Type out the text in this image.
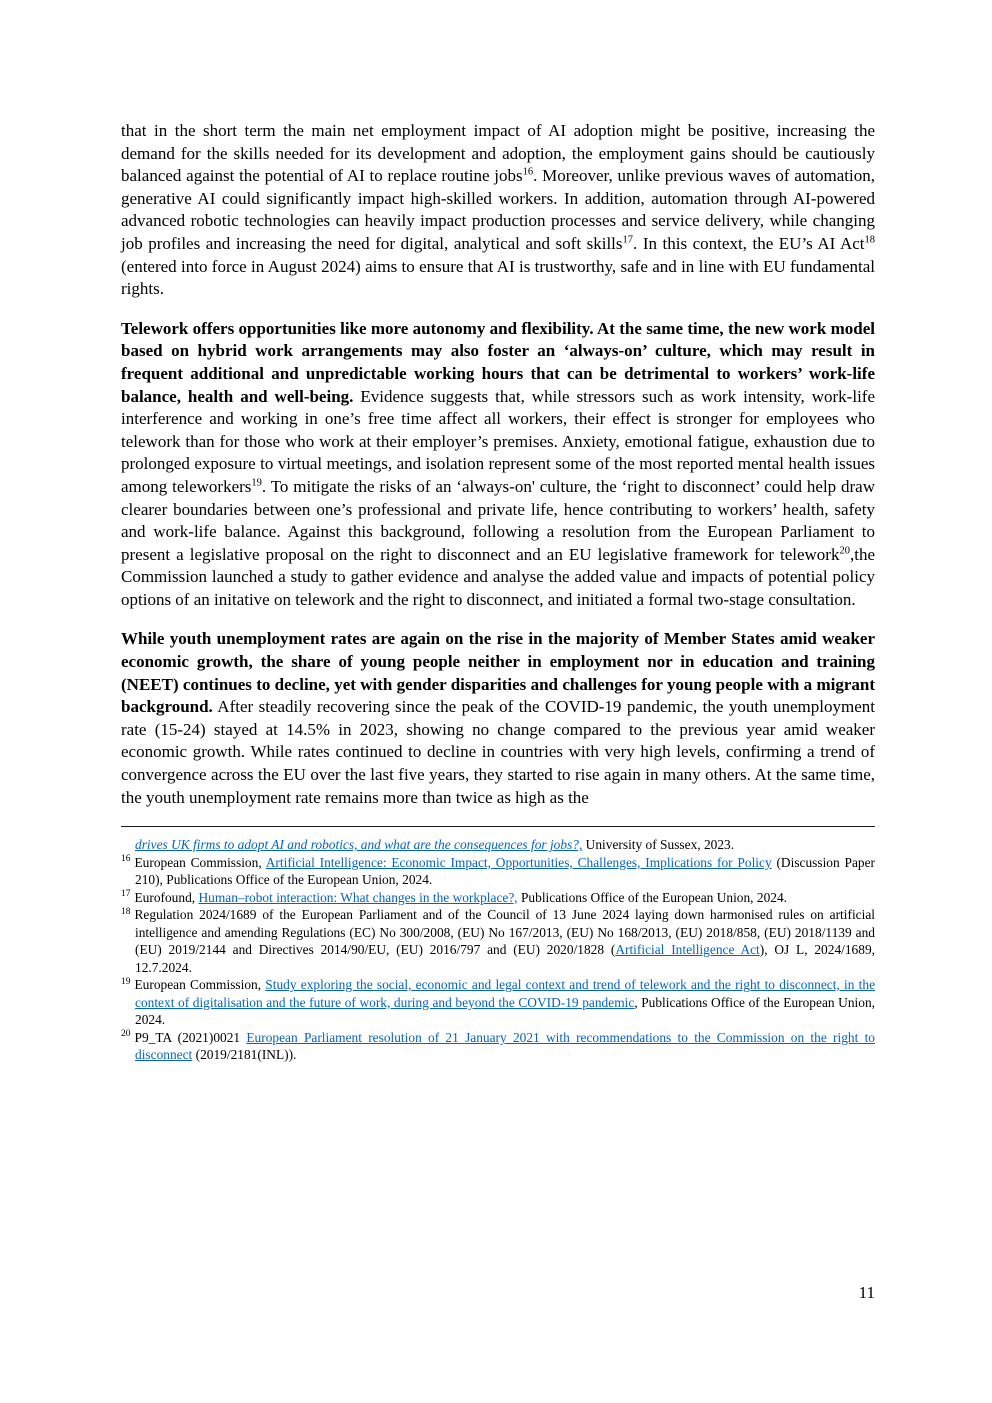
that in the short term the main net employment impact of AI adoption might be positive, increasing the demand for the skills needed for its development and adoption, the employment gains should be cautiously balanced against the potential of AI to replace routine jobs$^{16}$. Moreover, unlike previous waves of automation, generative AI could significantly impact high-skilled workers. In addition, automation through AI-powered advanced robotic technologies can heavily impact production processes and service delivery, while changing job profiles and increasing the need for digital, analytical and soft skills$^{17}$. In this context, the EU’s AI Act$^{18}$ (entered into force in August 2024) aims to ensure that AI is trustworthy, safe and in line with EU fundamental rights.

Telework offers opportunities like more autonomy and flexibility. At the same time, the new work model based on hybrid work arrangements may also foster an ‘always-on’ culture, which may result in frequent additional and unpredictable working hours that can be detrimental to workers’ work-life balance, health and well-being. Evidence suggests that, while stressors such as work intensity, work-life interference and working in one’s free time affect all workers, their effect is stronger for employees who telework than for those who work at their employer’s premises. Anxiety, emotional fatigue, exhaustion due to prolonged exposure to virtual meetings, and isolation represent some of the most reported mental health issues among teleworkers$^{19}$. To mitigate the risks of an ‘always-on' culture, the ‘right to disconnect’ could help draw clearer boundaries between one’s professional and private life, hence contributing to workers’ health, safety and work-life balance. Against this background, following a resolution from the European Parliament to present a legislative proposal on the right to disconnect and an EU legislative framework for telework$^{20}$,the Commission launched a study to gather evidence and analyse the added value and impacts of potential policy options of an initative on telework and the right to disconnect, and initiated a formal two-stage consultation.

While youth unemployment rates are again on the rise in the majority of Member States amid weaker economic growth, the share of young people neither in employment nor in education and training (NEET) continues to decline, yet with gender disparities and challenges for young people with a migrant background. After steadily recovering since the peak of the COVID-19 pandemic, the youth unemployment rate (15-24) stayed at 14.5% in 2023, showing no change compared to the previous year amid weaker economic growth. While rates continued to decline in countries with very high levels, confirming a trend of convergence across the EU over the last five years, they started to rise again in many others. At the same time, the youth unemployment rate remains more than twice as high as the

drives UK firms to adopt AI and robotics, and what are the consequences for jobs?, University of Sussex, 2023.
$^{16}$ European Commission, Artificial Intelligence: Economic Impact, Opportunities, Challenges, Implications for Policy (Discussion Paper 210), Publications Office of the European Union, 2024.
$^{17}$ Eurofound, Human–robot interaction: What changes in the workplace?, Publications Office of the European Union, 2024.
$^{18}$ Regulation 2024/1689 of the European Parliament and of the Council of 13 June 2024 laying down harmonised rules on artificial intelligence and amending Regulations (EC) No 300/2008, (EU) No 167/2013, (EU) No 168/2013, (EU) 2018/858, (EU) 2018/1139 and (EU) 2019/2144 and Directives 2014/90/EU, (EU) 2016/797 and (EU) 2020/1828 (Artificial Intelligence Act), OJ L, 2024/1689, 12.7.2024.
$^{19}$ European Commission, Study exploring the social, economic and legal context and trend of telework and the right to disconnect, in the context of digitalisation and the future of work, during and beyond the COVID-19 pandemic, Publications Office of the European Union, 2024.
$^{20}$ P9_TA (2021)0021 European Parliament resolution of 21 January 2021 with recommendations to the Commission on the right to disconnect (2019/2181(INL)).
11
